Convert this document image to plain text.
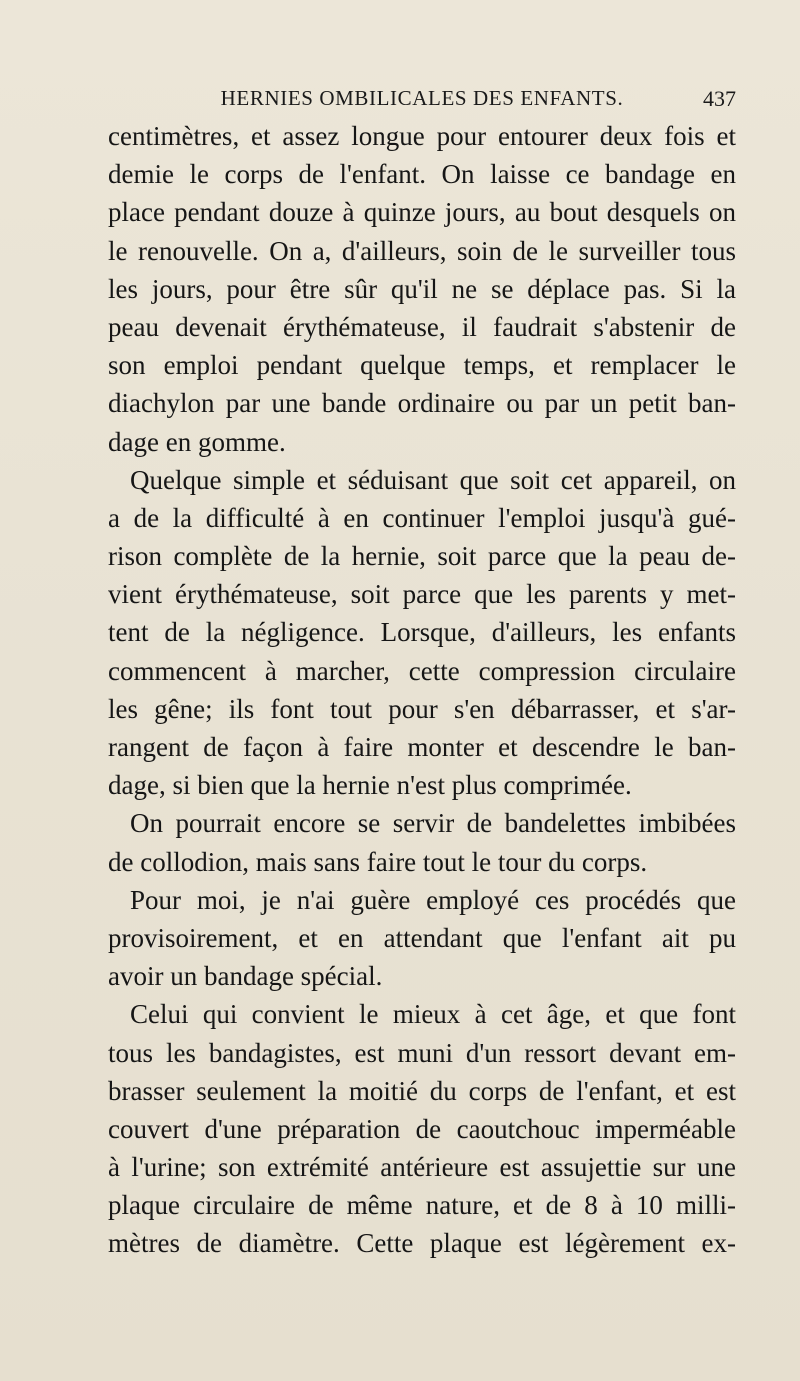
HERNIES OMBILICALES DES ENFANTS.	437
centimètres, et assez longue pour entourer deux fois et
demie le corps de l'enfant. On laisse ce bandage en
place pendant douze à quinze jours, au bout desquels on
le renouvelle. On a, d'ailleurs, soin de le surveiller tous
les jours, pour être sûr qu'il ne se déplace pas. Si la
peau devenait érythémateuse, il faudrait s'abstenir de
son emploi pendant quelque temps, et remplacer le
diachylon par une bande ordinaire ou par un petit ban-
dage en gomme.
Quelque simple et séduisant que soit cet appareil, on
a de la difficulté à en continuer l'emploi jusqu'à gué-
rison complète de la hernie, soit parce que la peau de-
vient érythémateuse, soit parce que les parents y met-
tent de la négligence. Lorsque, d'ailleurs, les enfants
commencent à marcher, cette compression circulaire
les gêne; ils font tout pour s'en débarrasser, et s'ar-
rangent de façon à faire monter et descendre le ban-
dage, si bien que la hernie n'est plus comprimée.
On pourrait encore se servir de bandelettes imbibées
de collodion, mais sans faire tout le tour du corps.
Pour moi, je n'ai guère employé ces procédés que
provisoirement, et en attendant que l'enfant ait pu
avoir un bandage spécial.
Celui qui convient le mieux à cet âge, et que font
tous les bandagistes, est muni d'un ressort devant em-
brasser seulement la moitié du corps de l'enfant, et est
couvert d'une préparation de caoutchouc imperméable
à l'urine; son extrémité antérieure est assujettie sur une
plaque circulaire de même nature, et de 8 à 10 milli-
mètres de diamètre. Cette plaque est légèrement ex-
